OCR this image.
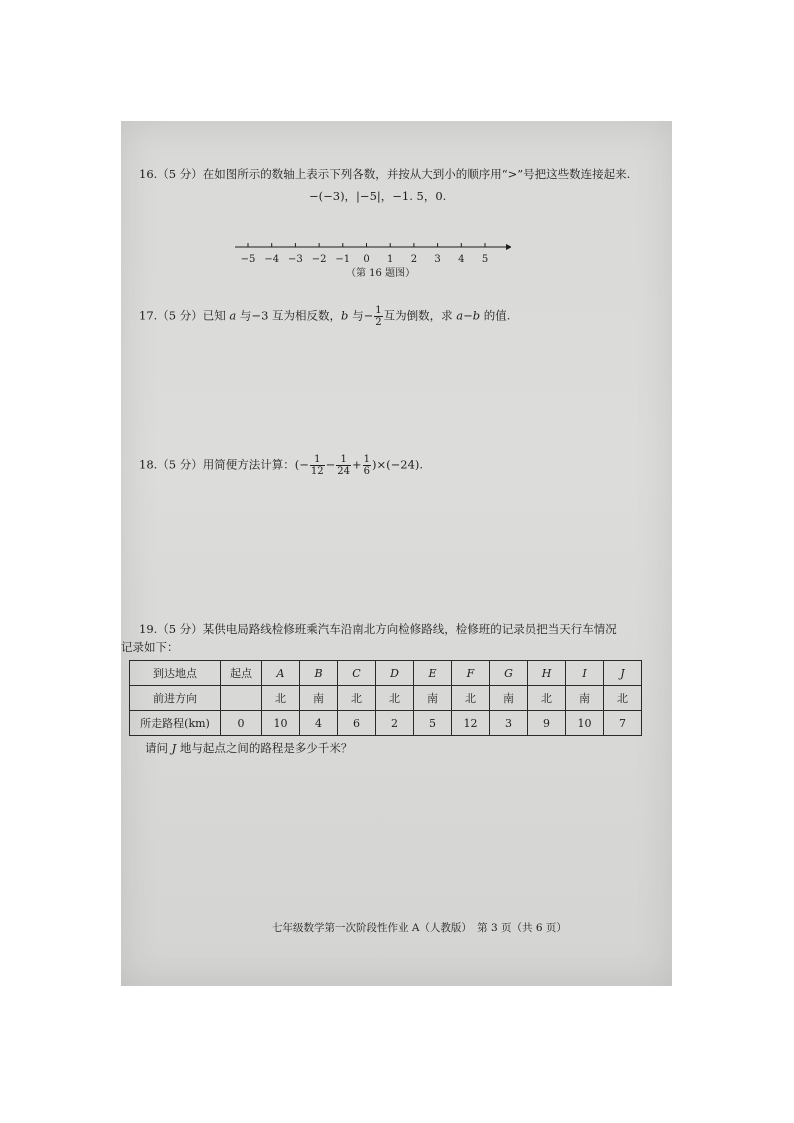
16.（5 分）在如图所示的数轴上表示下列各数，并按从大到小的顺序用“>”号把这些数连接起来.
−(−3)，|−5|，−1. 5，0.
−5 −4 −3 −2 −1 0 1 2 3 4 5
（第 16 题图）
17.（5 分）已知 a 与−3 互为相反数，b 与− $\frac{1}{2}$ 互为倒数，求 a−b 的值.
18.（5 分）用简便方法计算：(− $\frac{1}{12} - \frac{1}{24} + \frac{1}{6} )\times(-24)$.
19.（5 分）某供电局路线检修班乘汽车沿南北方向检修路线，检修班的记录员把当天行车情况
记录如下：
到达地点	起点	A	B	C	D	E	F	G	H	I	J
前进方向		北	南	北	北	南	北	南	北	南	北
所走路程(km)	0	10	4	6	2	5	12	3	9	10	7
请问 J 地与起点之间的路程是多少千米？
七年级数学第一次阶段性作业 A（人教版）　第 3 页（共 6 页）
